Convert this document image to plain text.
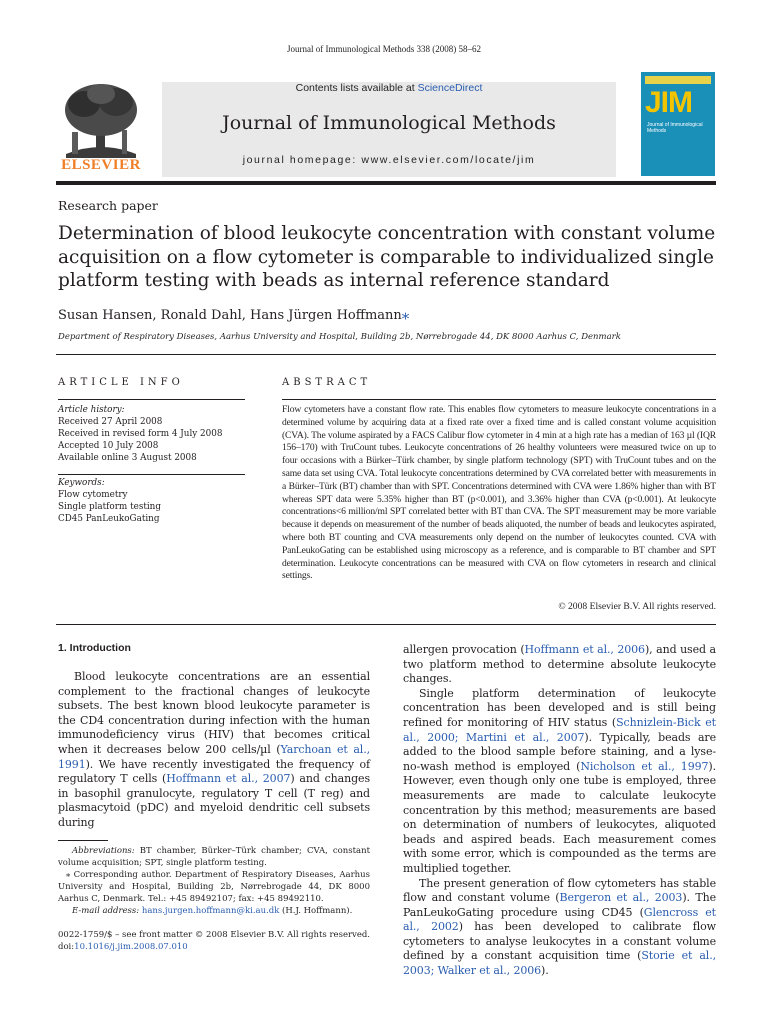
Journal of Immunological Methods 338 (2008) 58–62
ELSEVIER
Contents lists available at ScienceDirect
Journal of Immunological Methods
journal homepage: www.elsevier.com/locate/jim
JIM
Journal of Immunological Methods
Research paper
Determination of blood leukocyte concentration with constant volume acquisition on a flow cytometer is comparable to individualized single platform testing with beads as internal reference standard
Susan Hansen, Ronald Dahl, Hans Jürgen Hoffmann⁎
Department of Respiratory Diseases, Aarhus University and Hospital, Building 2b, Nørrebrogade 44, DK 8000 Aarhus C, Denmark
ARTICLE INFO	ABSTRACT
Article history:
Received 27 April 2008
Received in revised form 4 July 2008
Accepted 10 July 2008
Available online 3 August 2008
Keywords:
Flow cytometry
Single platform testing
CD45 PanLeukoGating
Flow cytometers have a constant flow rate. This enables flow cytometers to measure leukocyte concentrations in a determined volume by acquiring data at a fixed rate over a fixed time and is called constant volume acquisition (CVA). The volume aspirated by a FACS Calibur flow cytometer in 4 min at a high rate has a median of 163 µl (IQR 156–170) with TruCount tubes. Leukocyte concentrations of 26 healthy volunteers were measured twice on up to four occasions with a Bürker–Türk chamber, by single platform technology (SPT) with TruCount tubes and on the same data set using CVA. Total leukocyte concentrations determined by CVA correlated better with measurements in a Bürker–Türk (BT) chamber than with SPT. Concentrations determined with CVA were 1.86% higher than with BT whereas SPT data were 5.35% higher than BT (p<0.001), and 3.36% higher than CVA (p<0.001). At leukocyte concentrations<6 million/ml SPT correlated better with BT than CVA. The SPT measurement may be more variable because it depends on measurement of the number of beads aliquoted, the number of beads and leukocytes aspirated, where both BT counting and CVA measurements only depend on the number of leukocytes counted. CVA with PanLeukoGating can be established using microscopy as a reference, and is comparable to BT chamber and SPT determination. Leukocyte concentrations can be measured with CVA on flow cytometers in research and clinical settings.
© 2008 Elsevier B.V. All rights reserved.
1. Introduction

Blood leukocyte concentrations are an essential complement to the fractional changes of leukocyte subsets. The best known blood leukocyte parameter is the CD4 concentration during infection with the human immunodeficiency virus (HIV) that becomes critical when it decreases below 200 cells/µl (Yarchoan et al., 1991). We have recently investigated the frequency of regulatory T cells (Hoffmann et al., 2007) and changes in basophil granulocyte, regulatory T cell (T reg) and plasmacytoid (pDC) and myeloid dendritic cell subsets during

allergen provocation (Hoffmann et al., 2006), and used a two platform method to determine absolute leukocyte changes.

Single platform determination of leukocyte concentration has been developed and is still being refined for monitoring of HIV status (Schnizlein-Bick et al., 2000; Martini et al., 2007). Typically, beads are added to the blood sample before staining, and a lyse-no-wash method is employed (Nicholson et al., 1997). However, even though only one tube is employed, three measurements are made to calculate leukocyte concentration by this method; measurements are based on determination of numbers of leukocytes, aliquoted beads and aspired beads. Each measurement comes with some error, which is compounded as the terms are multiplied together.

The present generation of flow cytometers has stable flow and constant volume (Bergeron et al., 2003). The PanLeukoGating procedure using CD45 (Glencross et al., 2002) has been developed to calibrate flow cytometers to analyse leukocytes in a constant volume defined by a constant acquisition time (Storie et al., 2003; Walker et al., 2006).

Abbreviations: BT chamber, Bürker–Türk chamber; CVA, constant volume acquisition; SPT, single platform testing.

⁎ Corresponding author. Department of Respiratory Diseases, Aarhus University and Hospital, Building 2b, Nørrebrogade 44, DK 8000 Aarhus C, Denmark. Tel.: +45 89492107; fax: +45 89492110.

E-mail address: hans.jurgen.hoffmann@ki.au.dk (H.J. Hoffmann).

0022-1759/$ – see front matter © 2008 Elsevier B.V. All rights reserved.
doi:10.1016/j.jim.2008.07.010
